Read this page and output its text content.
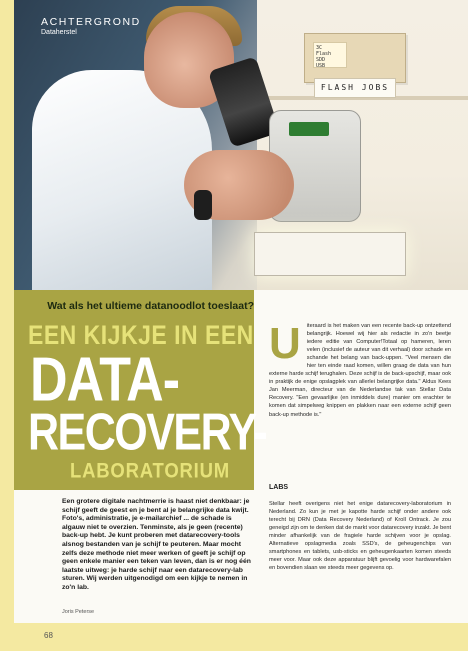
3C
Flash
SDD
USB
FLASH JOBS
ACHTERGROND
Dataherstel
Wat als het ultieme datanoodlot toeslaat?
EEN KIJKJE IN EEN
DATA-
RECOVERY-
LABORATORIUM
Een grotere digitale nachtmerrie is haast niet denkbaar: je schijf geeft de geest en je bent al je belangrijke data kwijt. Foto's, administratie, je e-mailarchief ... de schade is algauw niet te overzien. Tenminste, als je geen (recente) back-up hebt. Je kunt proberen met datarecovery-tools alsnog bestanden van je schijf te peuteren. Maar mocht zelfs deze methode niet meer werken of geeft je schijf op geen enkele manier een teken van leven, dan is er nog één laatste uitweg: je harde schijf naar een datarecovery-lab sturen. Wij werden uitgenodigd om een kijkje te nemen in zo'n lab.
Joris Peterse
U	iteraard is het maken van een recente back-up ontzettend belangrijk. Hoewel wij hier als redactie in zo'n beetje iedere editie van Computer!Totaal op hameren, leren velen (inclusief de auteur van dit verhaal) door schade en schande het belang van back-uppen. "Veel mensen die hier ten einde raad komen, willen graag de data van hun externe harde schijf terughalen. Deze schijf is de back-upschijf, maar ook in praktijk de enige opslagplek van allerlei belangrijke data." Aldus Kees Jan Meerman, directeur van de Nederlandse tak van Stellar Data Recovery. "Een gevaarlijke (en inmiddels dure) manier om erachter te komen dat simpelweg knippen en plakken naar een externe schijf geen back-up methode is."

LABS

Stellar heeft overigens niet het enige datarecovery-laboratorium in Nederland. Zo kun je met je kapotte harde schijf onder andere ook terecht bij DRN (Data Recovery Nederland) of Kroll Ontrack. Je zou geneigd zijn om te denken dat de markt voor datarecovery inzakt. Je bent minder afhankelijk van de fragiele harde schijven voor je opslag. Alternatieve opslagmedia zoals SSD's, de geheugenchips van smartphones en tablets, usb-sticks en geheugenkaarten komen steeds meer voor. Maar ook deze apparatuur blijft gevoelig voor hardwarefalen en bovendien slaan we steeds meer gegevens op.

68
